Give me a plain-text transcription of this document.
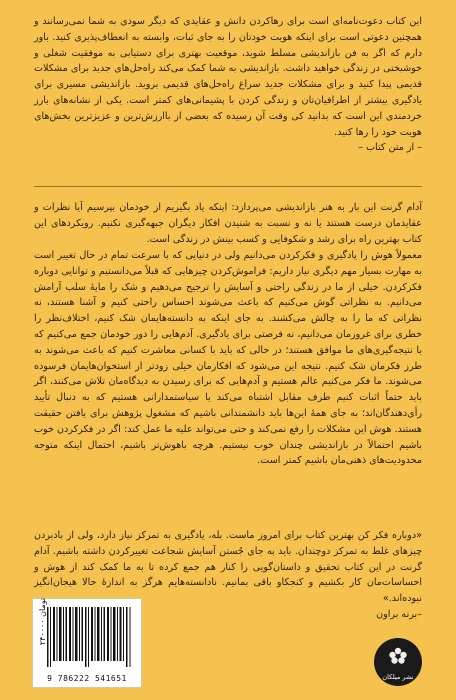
این کتاب دعوت‌نامه‌ای است برای رهاکردن دانش و عقایدی که دیگر سودی به شما نمی‌رسانند و همچنین دعوتی است برای اینکه هویت خودتان را به جای ثبات، وابسته به انعطاف‌پذیری کنید. باور دارم که اگر به فن بازاندیشی مسلط شوید، موقعیت بهتری برای دستیابی به موفقیت شغلی و خوشبختی در زندگی خواهید داشت. بازاندیشی به شما کمک می‌کند راه‌حل‌های جدید برای مشکلات قدیمی پیدا کنید و برای مشکلات جدید سراغ راه‌حل‌های قدیمی بروید. بازاندیشی مسیری برای یادگیری بیشتر از اطرافیان‌تان و زندگی کردن با پشیمانی‌های کمتر است. یکی از نشانه‌های بارز خردمندی این است که بدانید کی وقت آن رسیده که بعضی از باارزش‌ترین و عزیزترین بخش‌های هویت خود را رها کنید.
– از متن کتاب –
آدام گرنت این بار به هنر بازاندیشی می‌پردازد: اینکه یاد بگیریم از خودمان بپرسیم آیا نظرات و عقایدمان درست هستند یا نه و نسبت به شنیدن افکار دیگران جبهه‌گیری نکنیم. رویکردهای این کتاب بهترین راه برای رشد و شکوفایی و کسب بینش در زندگی است.
معمولاً هوش را یادگیری و فکرکردن می‌دانیم ولی در دنیایی که با سرعت تمام در حال تغییر است به مهارت بسیار مهم دیگری نیاز داریم: فراموش‌کردن چیزهایی که قبلاً می‌دانستیم و توانایی دوباره فکرکردن. خیلی از ما در زندگی راحتی و آسایش را ترجیح می‌دهیم و شک را مایهٔ سلب آرامش می‌دانیم. به نظراتی گوش می‌کنیم که باعث می‌شوند احساس راحتی کنیم و آشنا هستند، نه نظراتی که ما را به چالش می‌کشند. به جای اینکه به دانسته‌هایمان شک کنیم، اختلاف‌نظر را خطری برای غرورمان می‌دانیم، نه فرصتی برای یادگیری. آدم‌هایی را دور خودمان جمع می‌کنیم که با نتیجه‌گیری‌های ما موافق هستند؛ در حالی که باید با کسانی معاشرت کنیم که باعث می‌شوند به طرز فکرمان شک کنیم. نتیجه این می‌شود که افکارمان خیلی زودتر از استخوان‌هایمان فرسوده می‌شوند. ما فکر می‌کنیم عالم هستیم و آدم‌هایی که برای رسیدن به دیدگاه‌مان تلاش می‌کنند، اگر باید حتماً اثبات کنیم طرف مقابل اشتباه می‌کند یا سیاستمدارانی هستیم که به دنبال تأیید رأی‌دهندگان‌اند؛ به جای همهٔ این‌ها باید دانشمندانی باشیم که مشغول پژوهش برای یافتن حقیقت هستند. هوش این مشکلات را رفع نمی‌کند و حتی می‌تواند علیه ما عمل کند: اگر در فکرکردن خوب باشیم احتمالاً در بازاندیشی چندان خوب نیستیم. هرچه باهوش‌تر باشیم، احتمال اینکه متوجه محدودیت‌های ذهنی‌مان باشیم کمتر است.
«دوباره فکر کن بهترین کتاب برای امروز ماست. بله، یادگیری به تمرکز نیاز دارد، ولی از بادبردن چیزهای غلط به تمرکز دوچندان. باید به جای جُستن آسایش شجاعت تغییرکردن داشته باشیم. آدام گرنت در این کتاب تحقیق و داستان‌گویی را کنار هم جمع کرده تا به ما کمک کند از هوش و احساسات‌مان کار بکشیم و کنجکاو باقی بمانیم. نادانسته‌هایم هرگز به اندازهٔ حالا هیجان‌انگیز نبوده‌اند.»
–برنه براون
۲۴۰۰۰۰ تومان
9 786222 541651	نشر میلکان
